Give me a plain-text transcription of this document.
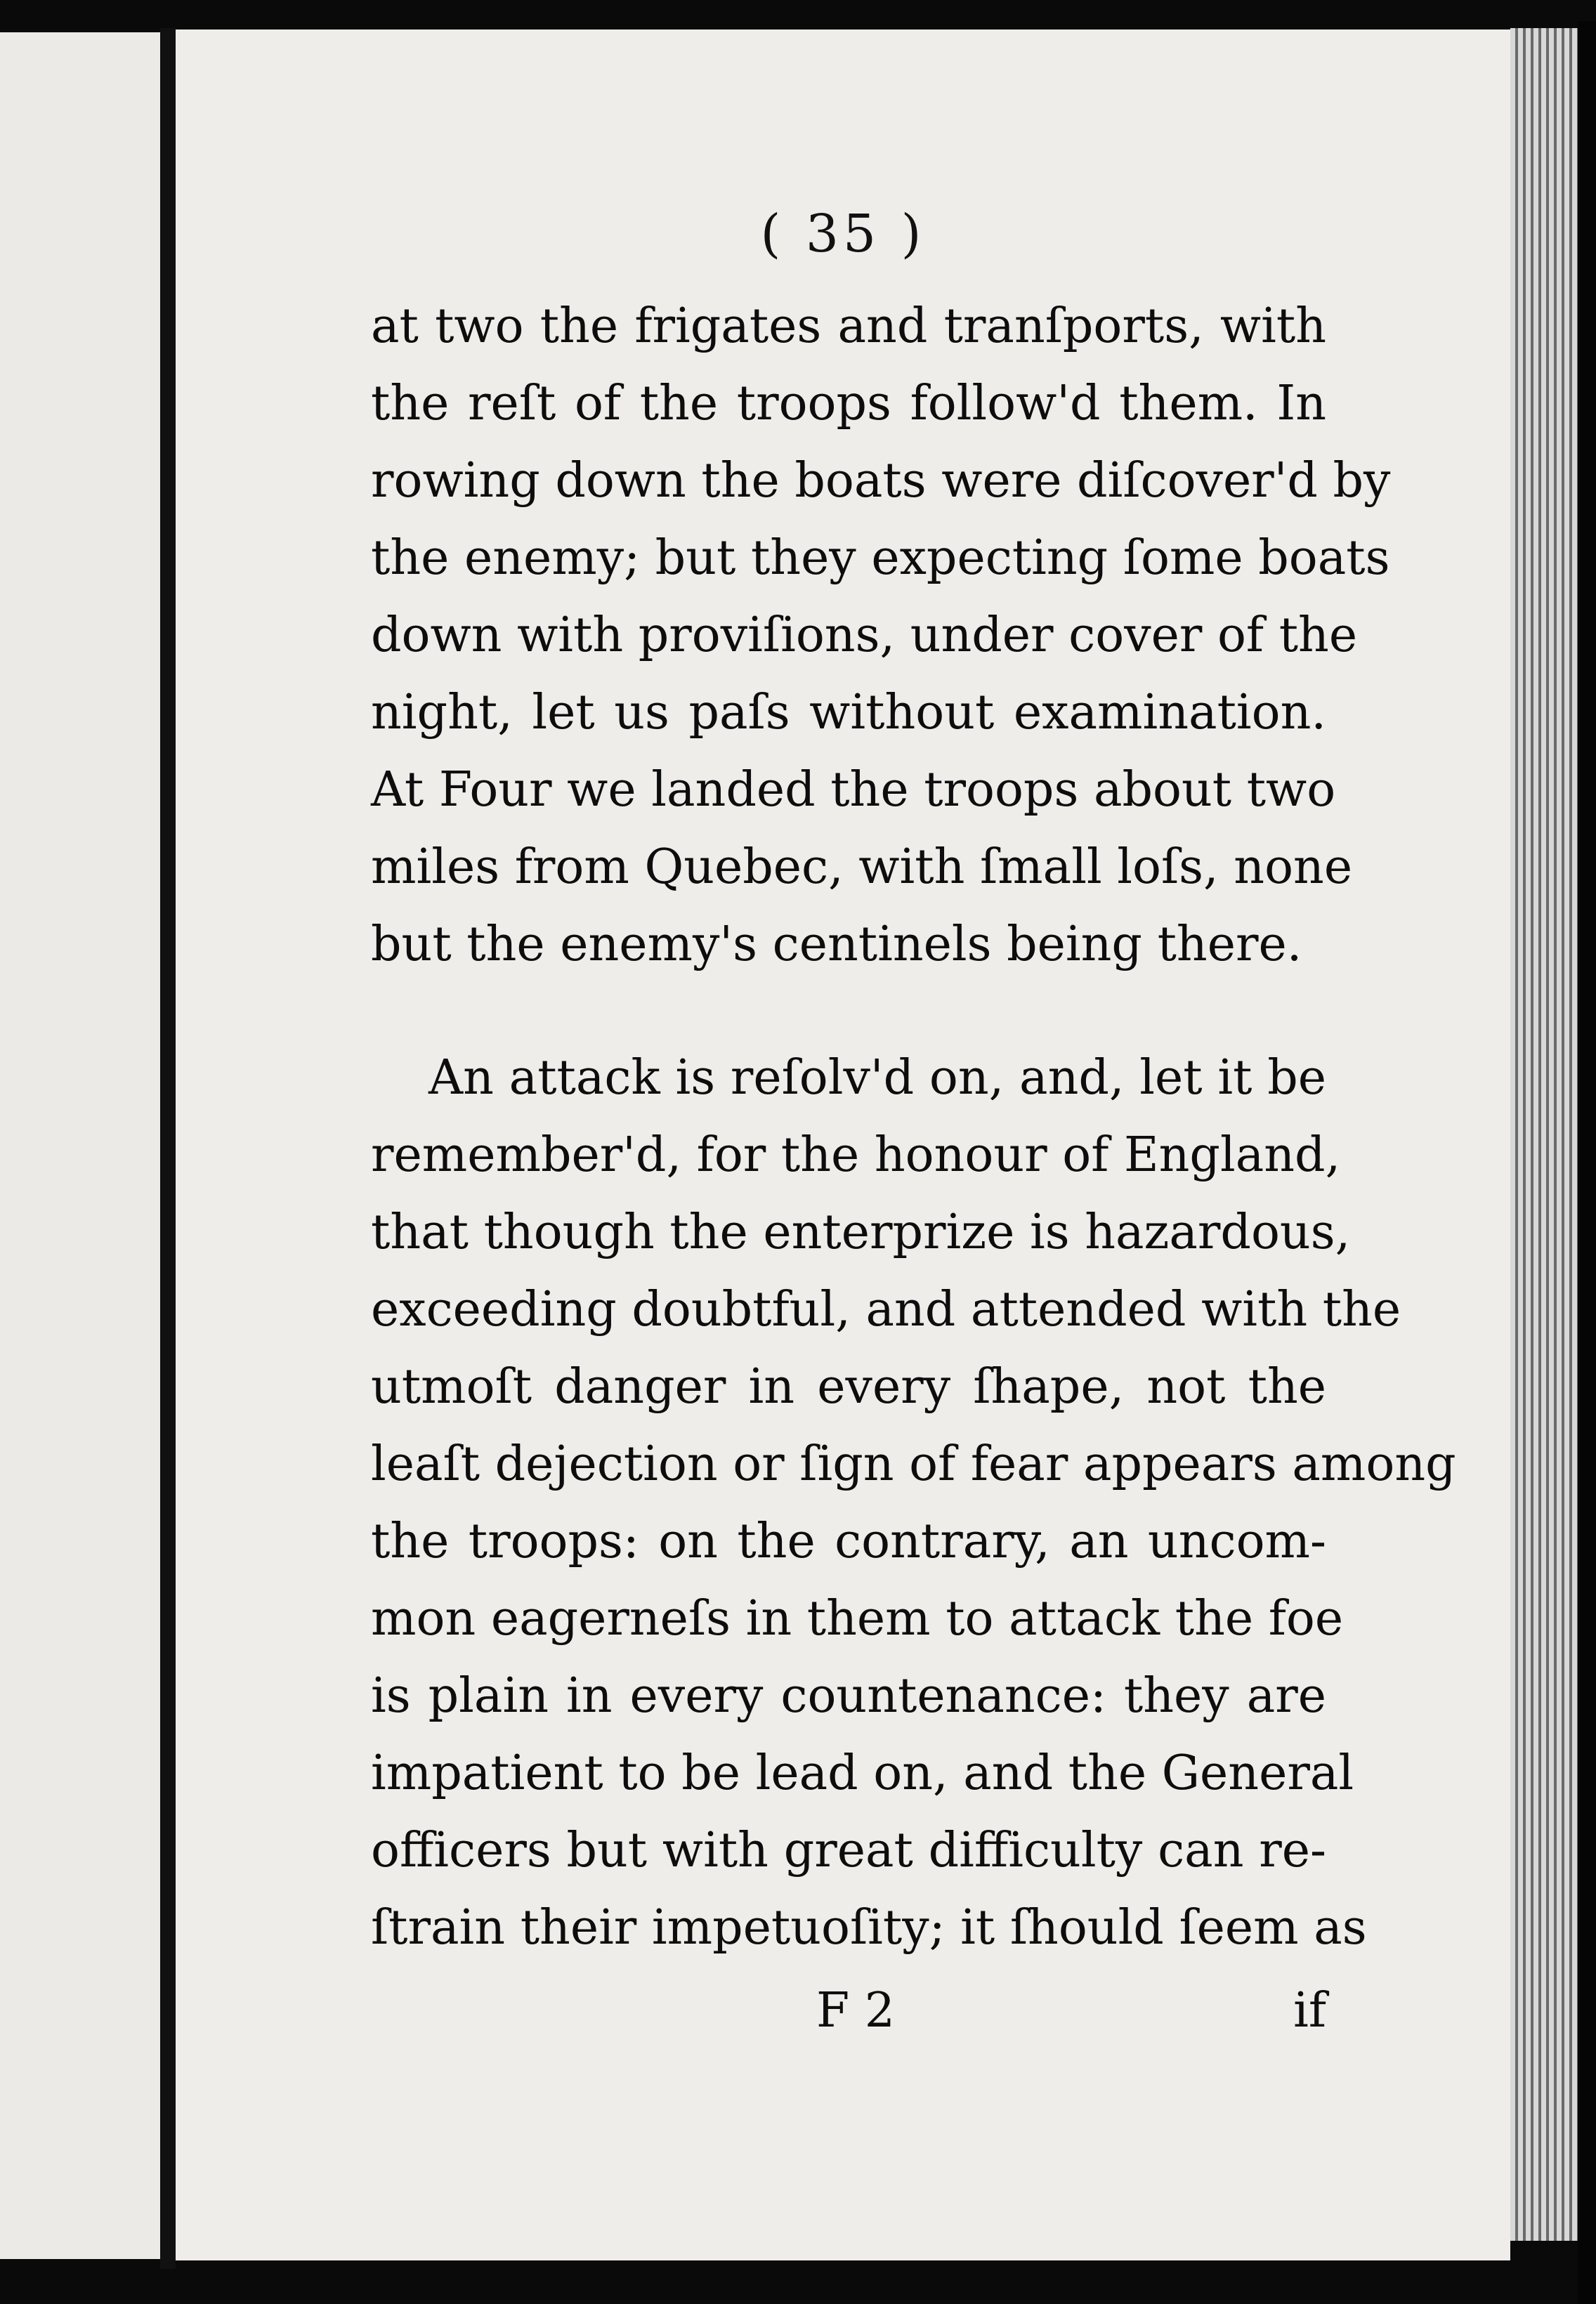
( 35 )
at two the frigates and tranſports, with
the reſt of the troops follow'd them. In
rowing down the boats were diſcover'd by
the enemy; but they expecting ſome boats
down with proviſions, under cover of the
night, let us paſs without examination.
At Four we landed the troops about two
miles from Quebec, with ſmall loſs, none
but the enemy's centinels being there.
An attack is reſolv'd on, and, let it be
remember'd, for the honour of England,
that though the enterprize is hazardous,
exceeding doubtful, and attended with the
utmoſt danger in every ſhape, not the
leaſt dejection or ſign of fear appears among
the troops: on the contrary, an uncom-
mon eagerneſs in them to attack the foe
is plain in every countenance: they are
impatient to be lead on, and the General
officers but with great difficulty can re-
ſtrain their impetuoſity; it ſhould ſeem as
F 2	if
